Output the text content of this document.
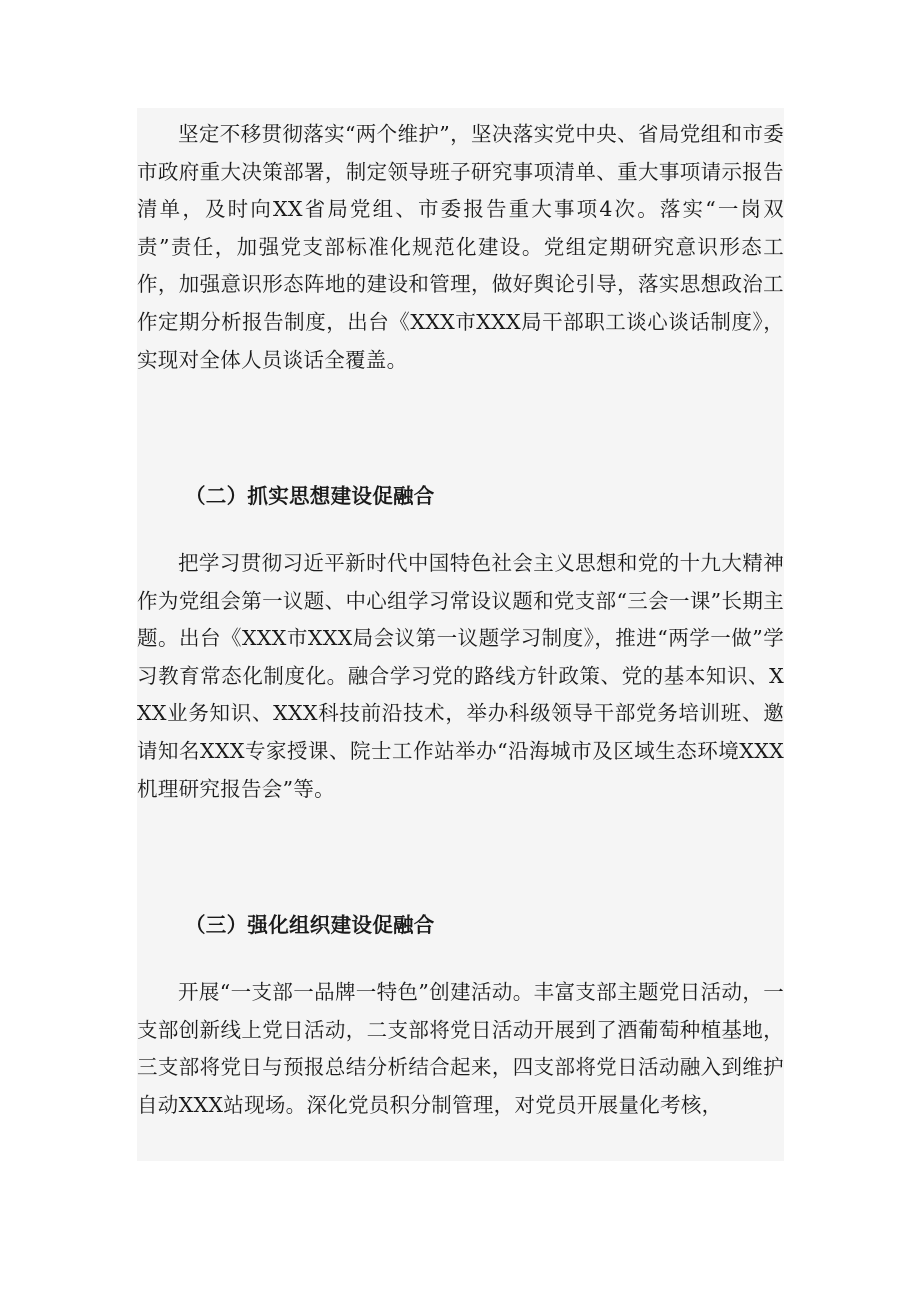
坚定不移贯彻落实“两个维护”，坚决落实党中央、省局党组和市委市政府重大决策部署，制定领导班子研究事项清单、重大事项请示报告清单，及时向XX省局党组、市委报告重大事项4次。落实“一岗双责”责任，加强党支部标准化规范化建设。党组定期研究意识形态工作，加强意识形态阵地的建设和管理，做好舆论引导，落实思想政治工作定期分析报告制度，出台《XXX市XXX局干部职工谈心谈话制度》，实现对全体人员谈话全覆盖。

（二）抓实思想建设促融合

把学习贯彻习近平新时代中国特色社会主义思想和党的十九大精神作为党组会第一议题、中心组学习常设议题和党支部“三会一课”长期主题。出台《XXX市XXX局会议第一议题学习制度》，推进“两学一做”学习教育常态化制度化。融合学习党的路线方针政策、党的基本知识、XXX业务知识、XXX科技前沿技术，举办科级领导干部党务培训班、邀请知名XXX专家授课、院士工作站举办“沿海城市及区域生态环境XXX机理研究报告会”等。

（三）强化组织建设促融合

开展“一支部一品牌一特色”创建活动。丰富支部主题党日活动，一支部创新线上党日活动，二支部将党日活动开展到了酒葡萄种植基地，三支部将党日与预报总结分析结合起来，四支部将党日活动融入到维护自动XXX站现场。深化党员积分制管理，对党员开展量化考核，
